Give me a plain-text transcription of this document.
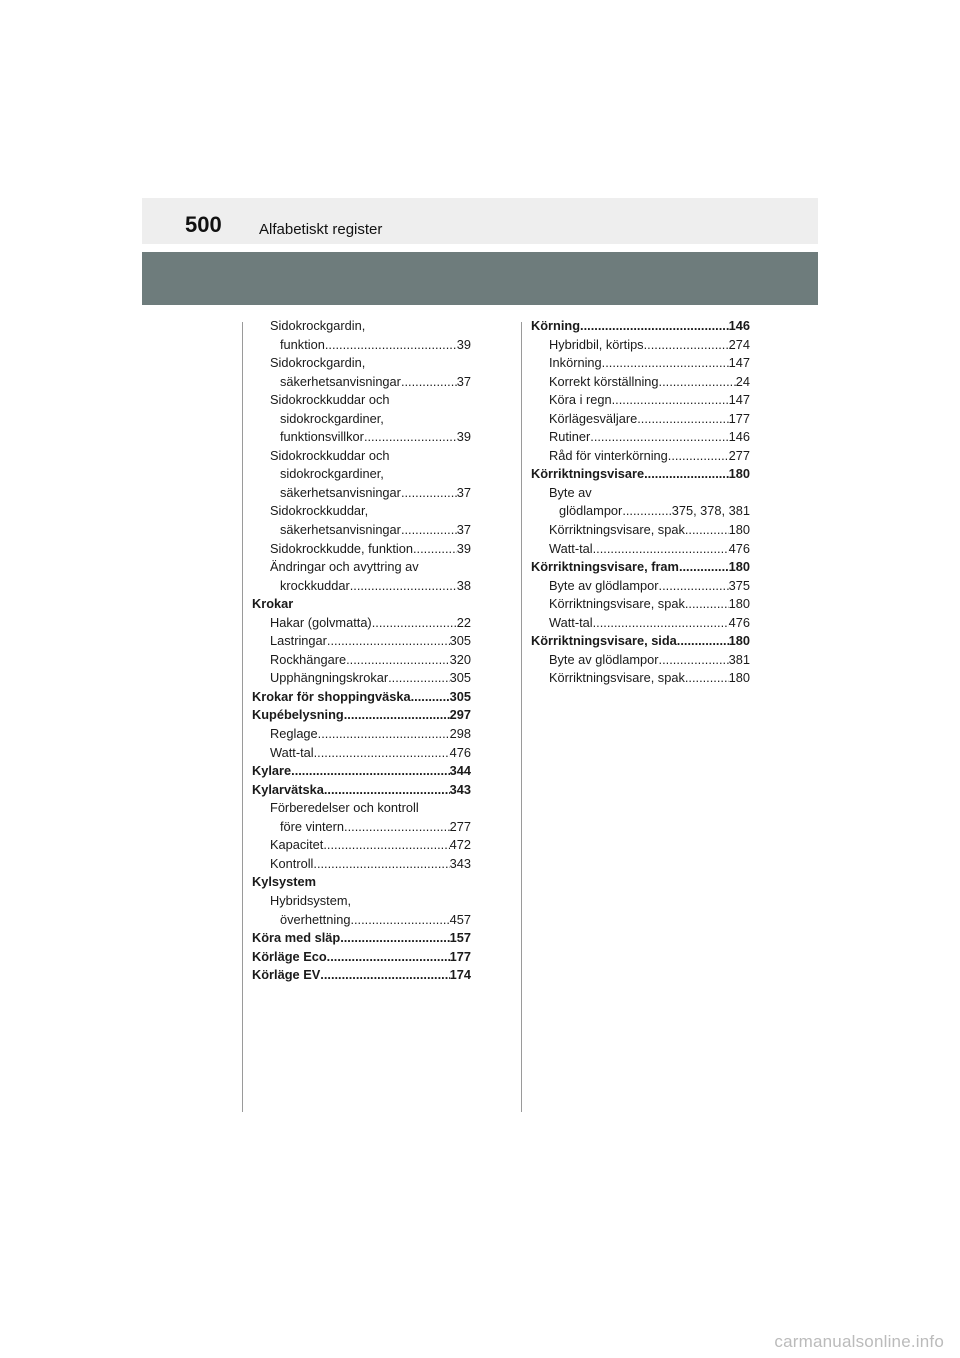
500 Alfabetiskt register
Sidokrockgardin,
funktion .....	39
Sidokrockgardin,
säkerhetsanvisningar .....	37
Sidokrockkuddar och
sidokrockgardiner,
funktionsvillkor .....	39
Sidokrockkuddar och
sidokrockgardiner,
säkerhetsanvisningar .....	37
Sidokrockkuddar,
säkerhetsanvisningar .....	37
Sidokrockkudde, funktion .....	39
Ändringar och avyttring av
krockkuddar .....	38
Krokar
Hakar (golvmatta) .....	22
Lastringar .....	305
Rockhängare .....	320
Upphängningskrokar .....	305
Krokar för shoppingväska .....	305
Kupébelysning .....	297
Reglage .....	298
Watt-tal .....	476
Kylare .....	344
Kylarvätska .....	343
Förberedelser och kontroll
före vintern .....	277
Kapacitet .....	472
Kontroll .....	343
Kylsystem
Hybridsystem,
överhettning .....	457
Köra med släp .....	157
Körläge Eco .....	177
Körläge EV .....	174
Körning .....	146
Hybridbil, körtips .....	274
Inkörning .....	147
Korrekt körställning .....	24
Köra i regn .....	147
Körlägesväljare .....	177
Rutiner .....	146
Råd för vinterkörning .....	277
Körriktningsvisare .....	180
Byte av
glödlampor .....	375, 378, 381
Körriktningsvisare, spak .....	180
Watt-tal .....	476
Körriktningsvisare, fram .....	180
Byte av glödlampor .....	375
Körriktningsvisare, spak .....	180
Watt-tal .....	476
Körriktningsvisare, sida .....	180
Byte av glödlampor .....	381
Körriktningsvisare, spak .....	180
carmanualsonline.info
